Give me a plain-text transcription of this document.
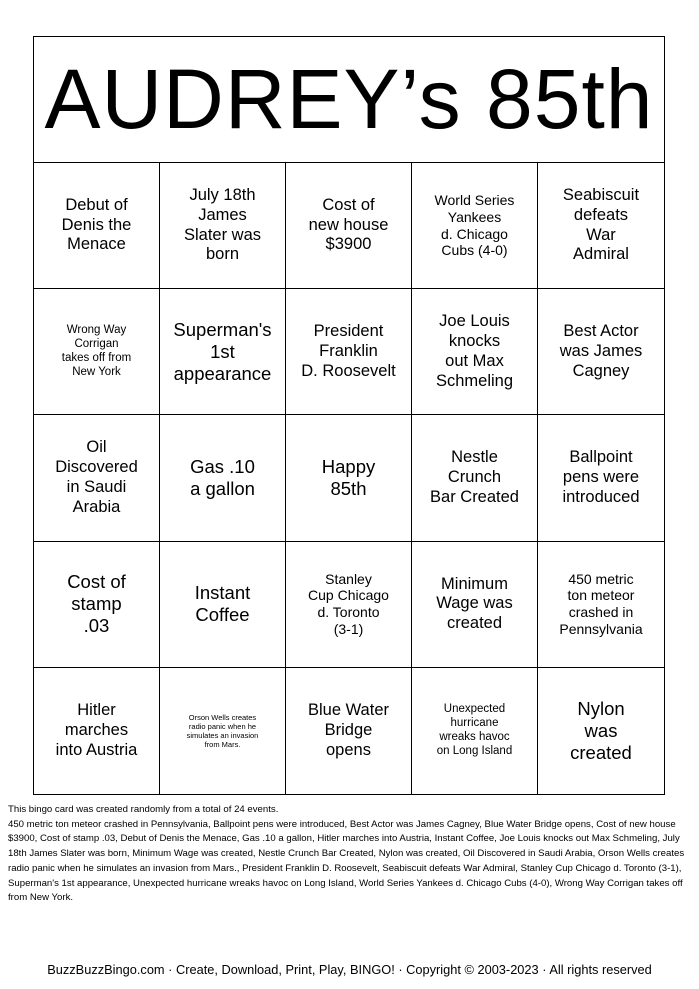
AUDREY’s 85th
Debut of
Denis the
Menace
July 18th
James
Slater was
born
Cost of
new house
$3900
World Series
Yankees
d. Chicago
Cubs (4-0)
Seabiscuit
defeats
War
Admiral
Wrong Way
Corrigan
takes off from
New York
Superman's
1st
appearance
President
Franklin
D. Roosevelt
Joe Louis
knocks
out Max
Schmeling
Best Actor
was James
Cagney
Oil
Discovered
in Saudi
Arabia
Gas .10
a gallon
Happy
85th
Nestle
Crunch
Bar Created
Ballpoint
pens were
introduced
Cost of
stamp
.03
Instant
Coffee
Stanley
Cup Chicago
d. Toronto
(3-1)
Minimum
Wage was
created
450 metric
ton meteor
crashed in
Pennsylvania
Hitler
marches
into Austria
Orson Wells creates
radio panic when he
simulates an invasion
from Mars.
Blue Water
Bridge
opens
Unexpected
hurricane
wreaks havoc
on Long Island
Nylon
was
created

This bingo card was created randomly from a total of 24 events.

450 metric ton meteor crashed in Pennsylvania, Ballpoint pens were introduced, Best Actor was James Cagney, Blue Water Bridge opens, Cost of new house $3900, Cost of stamp .03, Debut of Denis the Menace, Gas .10 a gallon, Hitler marches into Austria, Instant Coffee, Joe Louis knocks out Max Schmeling, July 18th James Slater was born, Minimum Wage was created, Nestle Crunch Bar Created, Nylon was created, Oil Discovered in Saudi Arabia, Orson Wells creates radio panic when he simulates an invasion from Mars., President Franklin D. Roosevelt, Seabiscuit defeats War Admiral, Stanley Cup Chicago d. Toronto (3-1), Superman's 1st appearance, Unexpected hurricane wreaks havoc on Long Island, World Series Yankees d. Chicago Cubs (4-0), Wrong Way Corrigan takes off from New York.

BuzzBuzzBingo.com · Create, Download, Print, Play, BINGO! · Copyright © 2003-2023 · All rights reserved
